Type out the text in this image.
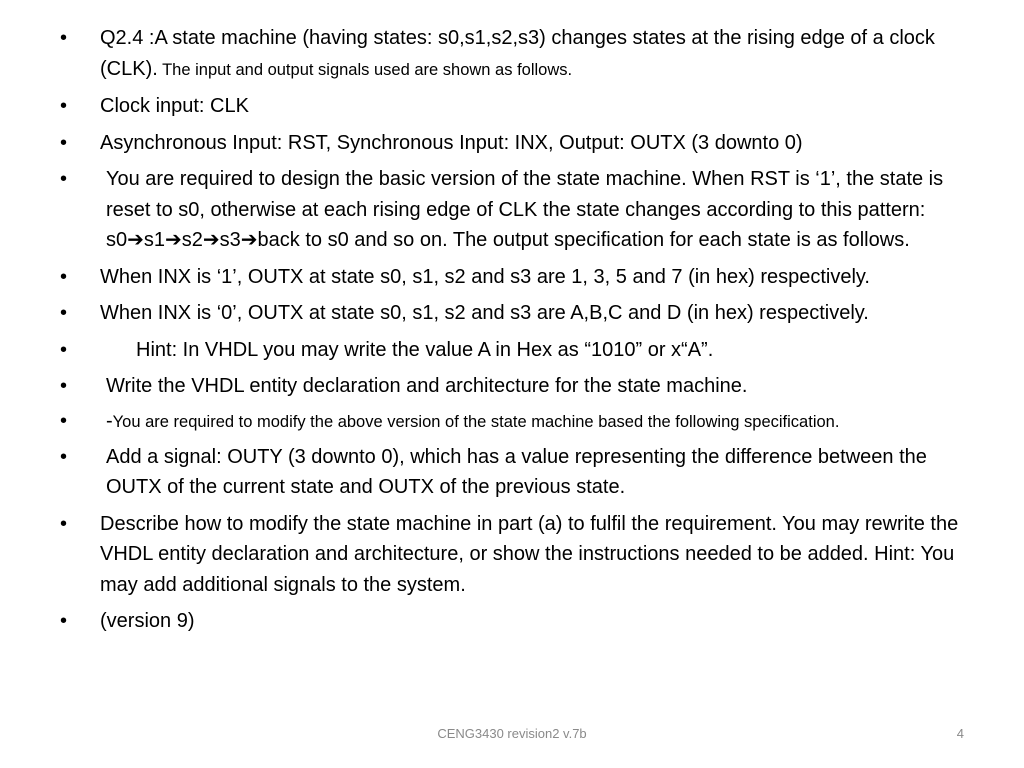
• Q2.4 :A state machine (having states: s0,s1,s2,s3) changes states at the rising edge of a clock (CLK). The input and output signals used are shown as follows.
• Clock input: CLK
• Asynchronous Input: RST, Synchronous Input: INX, Output: OUTX (3 downto 0)
• You are required to design the basic version of the state machine. When RST is ‘1’, the state is reset to s0, otherwise at each rising edge of CLK the state changes according to this pattern: s0➔s1➔s2➔s3➔back to s0 and so on. The output specification for each state is as follows.
• When INX is ‘1’, OUTX at state s0, s1, s2 and s3 are 1, 3, 5 and 7 (in hex) respectively.
• When INX is ‘0’, OUTX at state s0, s1, s2 and s3 are A,B,C and D (in hex) respectively.
• Hint: In VHDL you may write the value A in Hex as “1010” or x“A”.
• Write the VHDL entity declaration and architecture for the state machine.
• -You are required to modify the above version of the state machine based the following specification.
• Add a signal: OUTY (3 downto 0), which has a value representing the difference between the OUTX of the current state and OUTX of the previous state.
• Describe how to modify the state machine in part (a) to fulfil the requirement. You may rewrite the VHDL entity declaration and architecture, or show the instructions needed to be added. Hint: You may add additional signals to the system.
• (version 9)
CENG3430 revision2 v.7b	4
